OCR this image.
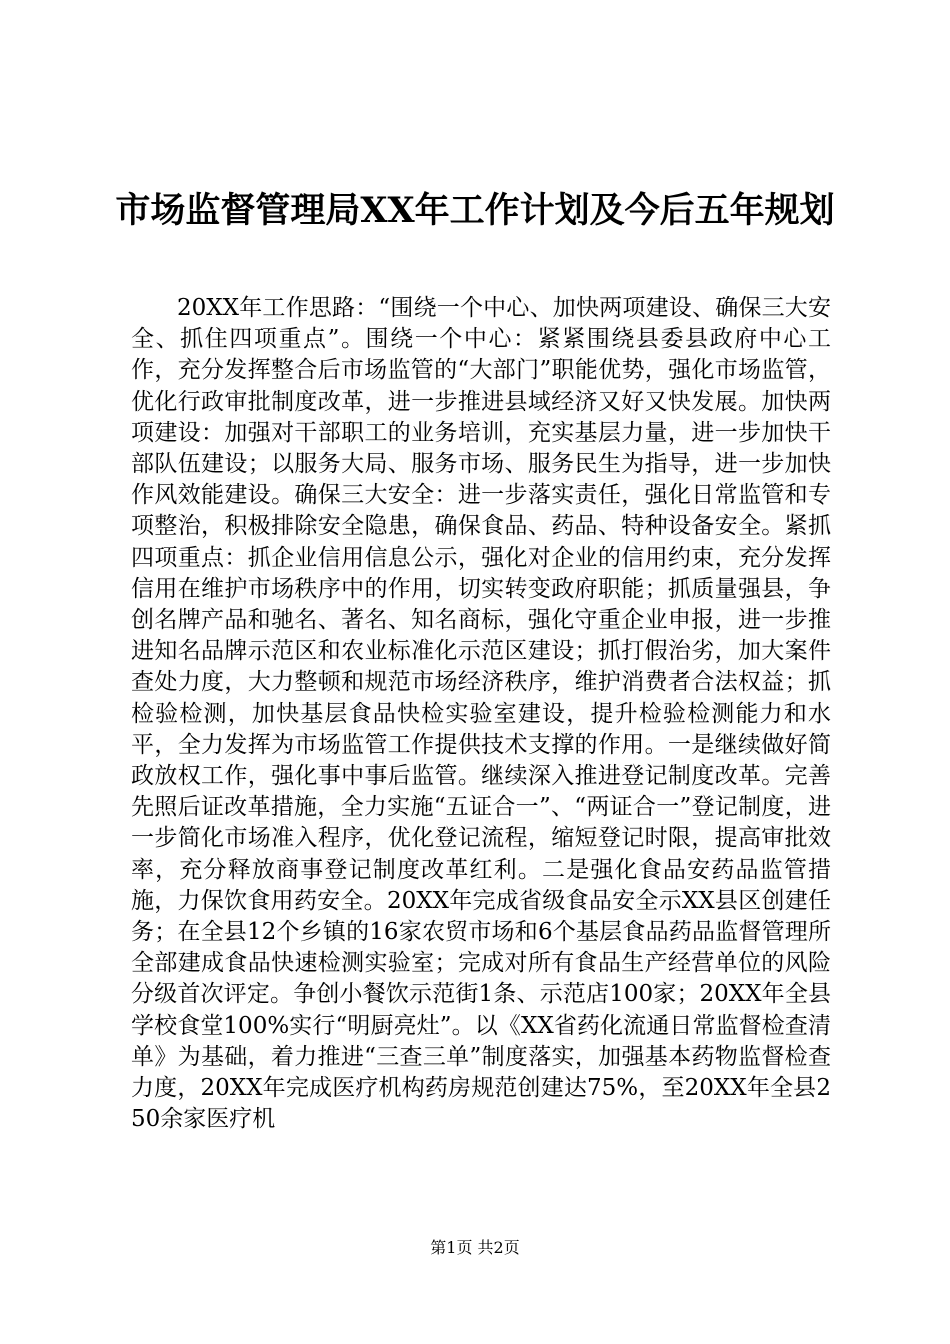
市场监督管理局XX年工作计划及今后五年规划

20XX年工作思路：“围绕一个中心、加快两项建设、确保三大安全、抓住四项重点”。围绕一个中心：紧紧围绕县委县政府中心工作，充分发挥整合后市场监管的“大部门”职能优势，强化市场监管，优化行政审批制度改革，进一步推进县域经济又好又快发展。加快两项建设：加强对干部职工的业务培训，充实基层力量，进一步加快干部队伍建设；以服务大局、服务市场、服务民生为指导，进一步加快作风效能建设。确保三大安全：进一步落实责任，强化日常监管和专项整治，积极排除安全隐患，确保食品、药品、特种设备安全。紧抓四项重点：抓企业信用信息公示，强化对企业的信用约束，充分发挥信用在维护市场秩序中的作用，切实转变政府职能；抓质量强县，争创名牌产品和驰名、著名、知名商标，强化守重企业申报，进一步推进知名品牌示范区和农业标准化示范区建设；抓打假治劣，加大案件查处力度，大力整顿和规范市场经济秩序，维护消费者合法权益；抓检验检测，加快基层食品快检实验室建设，提升检验检测能力和水平，全力发挥为市场监管工作提供技术支撑的作用。一是继续做好简政放权工作，强化事中事后监管。继续深入推进登记制度改革。完善先照后证改革措施，全力实施“五证合一”、“两证合一”登记制度，进一步简化市场准入程序，优化登记流程，缩短登记时限，提高审批效率，充分释放商事登记制度改革红利。二是强化食品安药品监管措施，力保饮食用药安全。20XX年完成省级食品安全示XX县区创建任务；在全县12个乡镇的16家农贸市场和6个基层食品药品监督管理所全部建成食品快速检测实验室；完成对所有食品生产经营单位的风险分级首次评定。争创小餐饮示范街1条、示范店100家；20XX年全县学校食堂100%实行“明厨亮灶”。以《XX省药化流通日常监督检查清单》为基础，着力推进“三查三单”制度落实，加强基本药物监督检查力度，20XX年完成医疗机构药房规范创建达75%，至20XX年全县250余家医疗机

第1页 共2页
